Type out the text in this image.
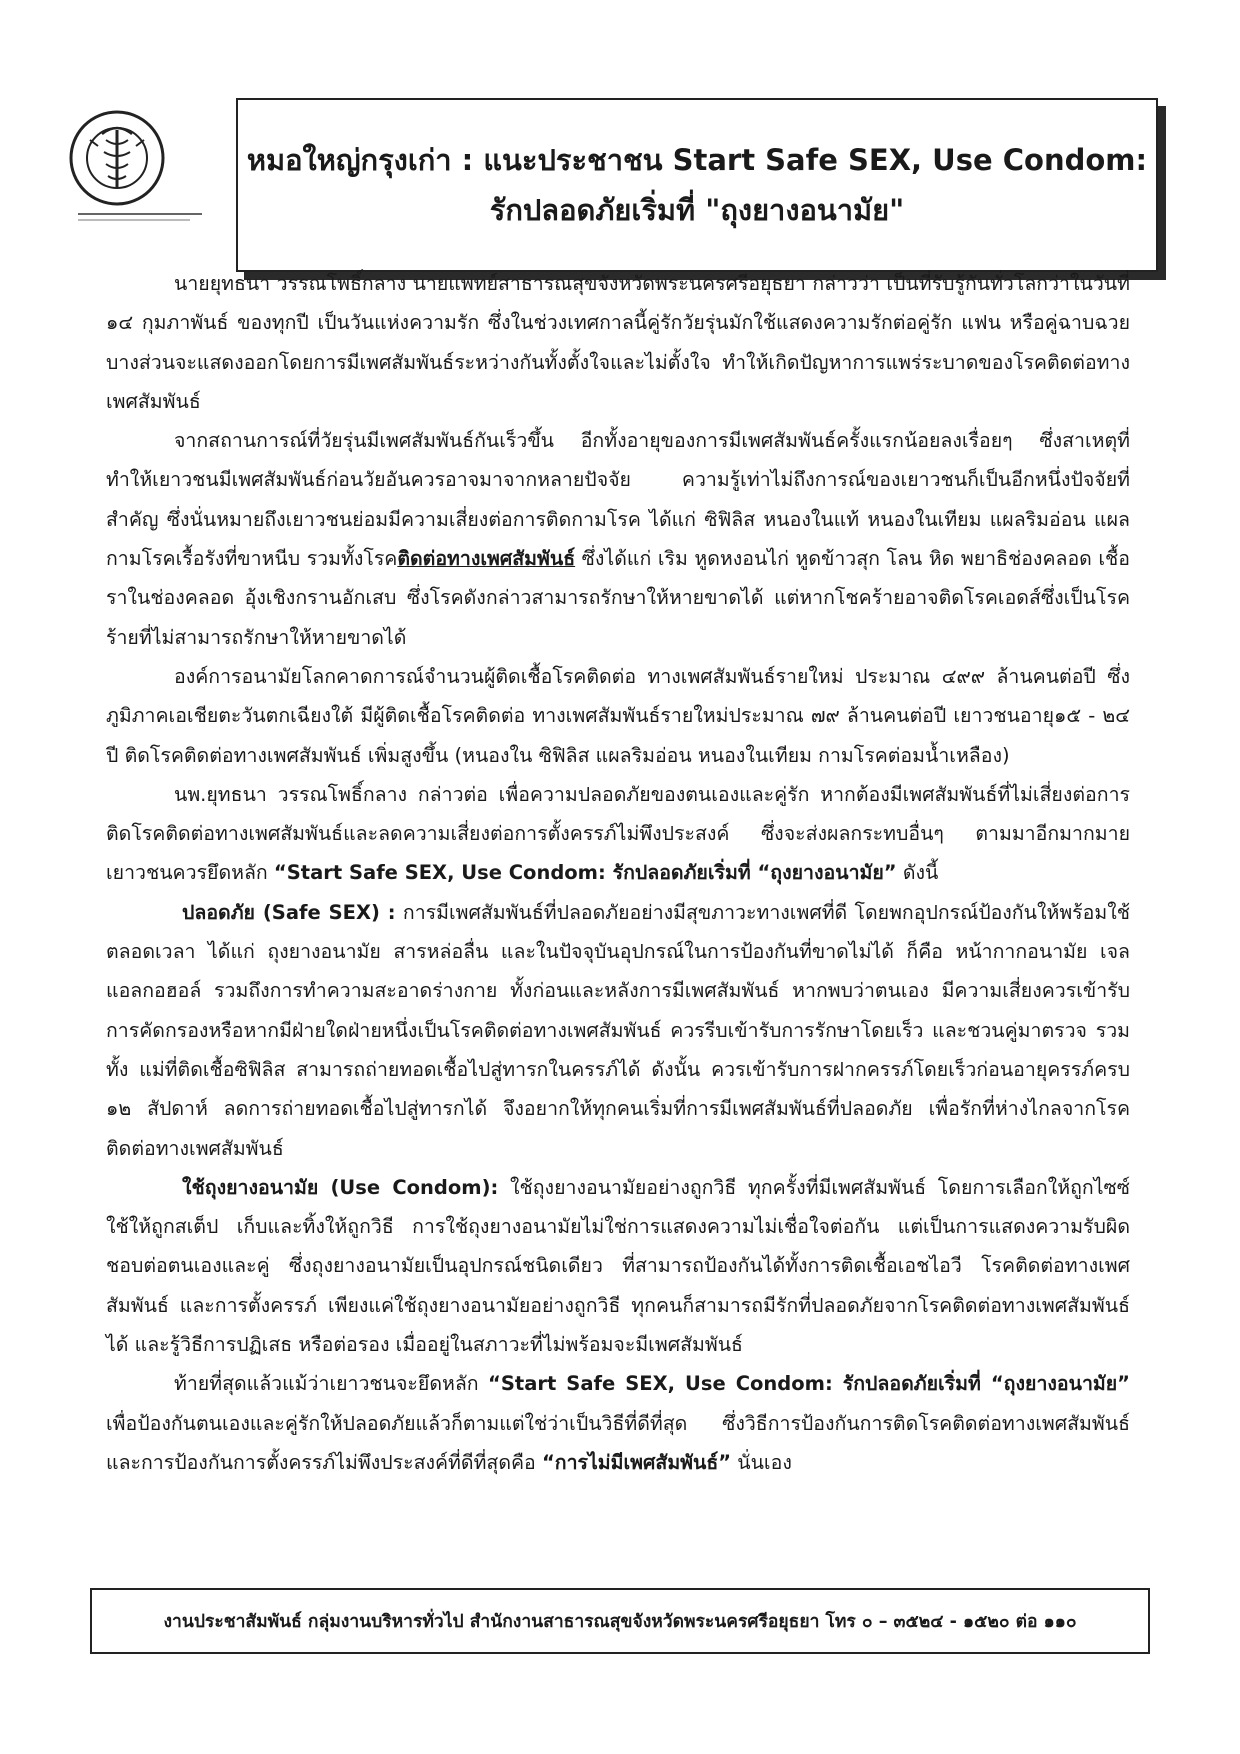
หมอใหญ่กรุงเก่า : แนะประชาชน Start Safe SEX, Use Condom:
รักปลอดภัยเริ่มที่ "ถุงยางอนามัย"

นายยุทธนา วรรณโพธิ์กลาง นายแพทย์สาธารณสุขจังหวัดพระนครศรีอยุธยา กล่าวว่า เป็นที่รับรู้กันทั่วโลกว่าในวันที่ ๑๔ กุมภาพันธ์ ของทุกปี เป็นวันแห่งความรัก ซึ่งในช่วงเทศกาลนี้คู่รักวัยรุ่นมักใช้แสดงความรักต่อคู่รัก แฟน หรือคู่ฉาบฉวย บางส่วนจะแสดงออกโดยการมีเพศสัมพันธ์ระหว่างกันทั้งตั้งใจและไม่ตั้งใจ ทำให้เกิดปัญหาการแพร่ระบาดของโรคติดต่อทางเพศสัมพันธ์

จากสถานการณ์ที่วัยรุ่นมีเพศสัมพันธ์กันเร็วขึ้น อีกทั้งอายุของการมีเพศสัมพันธ์ครั้งแรกน้อยลงเรื่อยๆ ซึ่งสาเหตุที่ทำให้เยาวชนมีเพศสัมพันธ์ก่อนวัยอันควรอาจมาจากหลายปัจจัย ความรู้เท่าไม่ถึงการณ์ของเยาวชนก็เป็นอีกหนึ่งปัจจัยที่สำคัญ ซึ่งนั่นหมายถึงเยาวชนย่อมมีความเสี่ยงต่อการติดกามโรค ได้แก่ ซิฟิลิส หนองในแท้ หนองในเทียม แผลริมอ่อน แผลกามโรคเรื้อรังที่ขาหนีบ รวมทั้งโรคติดต่อทางเพศสัมพันธ์ ซึ่งได้แก่ เริม หูดหงอนไก่ หูดข้าวสุก โลน หิด พยาธิช่องคลอด เชื้อราในช่องคลอด อุ้งเชิงกรานอักเสบ ซึ่งโรคดังกล่าวสามารถรักษาให้หายขาดได้ แต่หากโชคร้ายอาจติดโรคเอดส์ซึ่งเป็นโรคร้ายที่ไม่สามารถรักษาให้หายขาดได้

องค์การอนามัยโลกคาดการณ์จำนวนผู้ติดเชื้อโรคติดต่อ ทางเพศสัมพันธ์รายใหม่ ประมาณ ๔๙๙ ล้านคนต่อปี ซึ่งภูมิภาคเอเชียตะวันตกเฉียงใต้ มีผู้ติดเชื้อโรคติดต่อ ทางเพศสัมพันธ์รายใหม่ประมาณ ๗๙ ล้านคนต่อปี เยาวชนอายุ๑๕ - ๒๔ ปี ติดโรคติดต่อทางเพศสัมพันธ์ เพิ่มสูงขึ้น (หนองใน ซิฟิลิส แผลริมอ่อน หนองในเทียม กามโรคต่อมน้ำเหลือง)

นพ.ยุทธนา วรรณโพธิ์กลาง กล่าวต่อ เพื่อความปลอดภัยของตนเองและคู่รัก หากต้องมีเพศสัมพันธ์ที่ไม่เสี่ยงต่อการติดโรคติดต่อทางเพศสัมพันธ์และลดความเสี่ยงต่อการตั้งครรภ์ไม่พึงประสงค์ ซึ่งจะส่งผลกระทบอื่นๆ ตามมาอีกมากมาย เยาวชนควรยึดหลัก “Start Safe SEX, Use Condom: รักปลอดภัยเริ่มที่ “ถุงยางอนามัย” ดังนี้

ปลอดภัย (Safe SEX) : การมีเพศสัมพันธ์ที่ปลอดภัยอย่างมีสุขภาวะทางเพศที่ดี โดยพกอุปกรณ์ป้องกันให้พร้อมใช้ตลอดเวลา ได้แก่ ถุงยางอนามัย สารหล่อลื่น และในปัจจุบันอุปกรณ์ในการป้องกันที่ขาดไม่ได้ ก็คือ หน้ากากอนามัย เจลแอลกอฮอล์ รวมถึงการทำความสะอาดร่างกาย ทั้งก่อนและหลังการมีเพศสัมพันธ์ หากพบว่าตนเอง มีความเสี่ยงควรเข้ารับการคัดกรองหรือหากมีฝ่ายใดฝ่ายหนึ่งเป็นโรคติดต่อทางเพศสัมพันธ์ ควรรีบเข้ารับการรักษาโดยเร็ว และชวนคู่มาตรวจ รวมทั้ง แม่ที่ติดเชื้อซิฟิลิส สามารถถ่ายทอดเชื้อไปสู่ทารกในครรภ์ได้ ดังนั้น ควรเข้ารับการฝากครรภ์โดยเร็วก่อนอายุครรภ์ครบ ๑๒ สัปดาห์ ลดการถ่ายทอดเชื้อไปสู่ทารกได้ จึงอยากให้ทุกคนเริ่มที่การมีเพศสัมพันธ์ที่ปลอดภัย เพื่อรักที่ห่างไกลจากโรคติดต่อทางเพศสัมพันธ์

ใช้ถุงยางอนามัย (Use Condom): ใช้ถุงยางอนามัยอย่างถูกวิธี ทุกครั้งที่มีเพศสัมพันธ์ โดยการเลือกให้ถูกไซซ์ ใช้ให้ถูกสเต็ป เก็บและทิ้งให้ถูกวิธี การใช้ถุงยางอนามัยไม่ใช่การแสดงความไม่เชื่อใจต่อกัน แต่เป็นการแสดงความรับผิดชอบต่อตนเองและคู่ ซึ่งถุงยางอนามัยเป็นอุปกรณ์ชนิดเดียว ที่สามารถป้องกันได้ทั้งการติดเชื้อเอชไอวี โรคติดต่อทางเพศสัมพันธ์ และการตั้งครรภ์ เพียงแค่ใช้ถุงยางอนามัยอย่างถูกวิธี ทุกคนก็สามารถมีรักที่ปลอดภัยจากโรคติดต่อทางเพศสัมพันธ์ได้ และรู้วิธีการปฏิเสธ หรือต่อรอง เมื่ออยู่ในสภาวะที่ไม่พร้อมจะมีเพศสัมพันธ์

ท้ายที่สุดแล้วแม้ว่าเยาวชนจะยึดหลัก “Start Safe SEX, Use Condom: รักปลอดภัยเริ่มที่ “ถุงยางอนามัย” เพื่อป้องกันตนเองและคู่รักให้ปลอดภัยแล้วก็ตามแต่ใช่ว่าเป็นวิธีที่ดีที่สุด ซึ่งวิธีการป้องกันการติดโรคติดต่อทางเพศสัมพันธ์และการป้องกันการตั้งครรภ์ไม่พึงประสงค์ที่ดีที่สุดคือ “การไม่มีเพศสัมพันธ์” นั่นเอง

งานประชาสัมพันธ์ กลุ่มงานบริหารทั่วไป สำนักงานสาธารณสุขจังหวัดพระนครศรีอยุธยา โทร ๐ – ๓๕๒๔ - ๑๕๒๐ ต่อ ๑๑๐
